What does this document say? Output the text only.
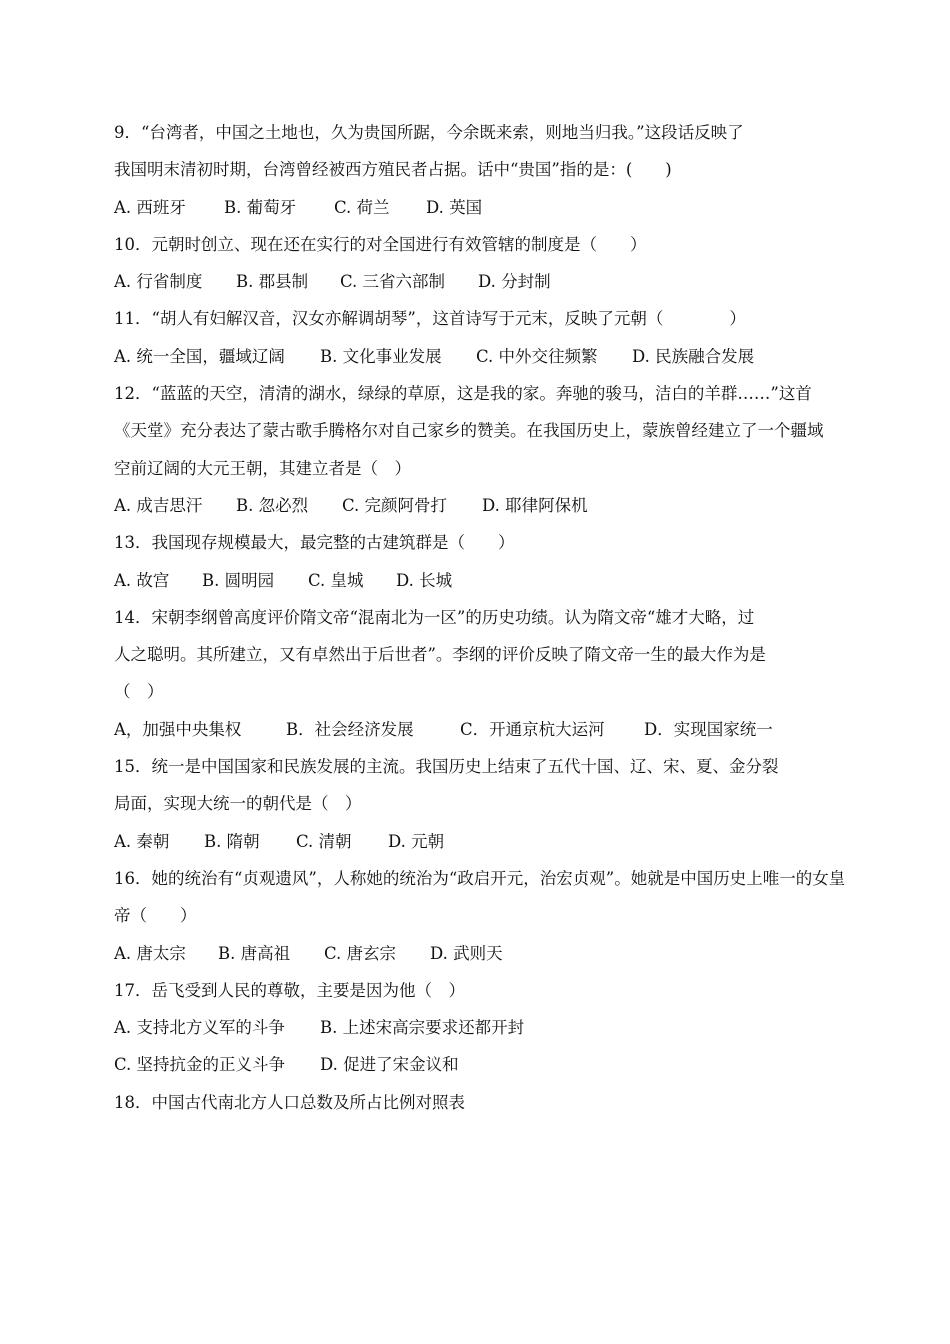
9．“台湾者，中国之土地也，久为贵国所踞，今余既来索，则地当归我。”这段话反映了
我国明末清初时期，台湾曾经被西方殖民者占据。话中“贵国”指的是：(　　)
A. 西班牙 B. 葡萄牙 C. 荷兰 D. 英国
10．元朝时创立、现在还在实行的对全国进行有效管辖的制度是（　　）
A. 行省制度 B. 郡县制 C. 三省六部制 D. 分封制
11．“胡人有妇解汉音，汉女亦解调胡琴”，这首诗写于元末，反映了元朝（　　　　）
A. 统一全国，疆域辽阔 B. 文化事业发展 C. 中外交往频繁 D. 民族融合发展
12．“蓝蓝的天空，清清的湖水，绿绿的草原，这是我的家。奔驰的骏马，洁白的羊群……”这首
《天堂》充分表达了蒙古歌手腾格尔对自己家乡的赞美。在我国历史上，蒙族曾经建立了一个疆域
空前辽阔的大元王朝，其建立者是（　）
A. 成吉思汗 B. 忽必烈 C. 完颜阿骨打 D. 耶律阿保机
13．我国现存规模最大，最完整的古建筑群是（　　）
A. 故宫 B. 圆明园 C. 皇城 D. 长城
14．宋朝李纲曾高度评价隋文帝“混南北为一区”的历史功绩。认为隋文帝“雄才大略，过
人之聪明。其所建立，又有卓然出于后世者”。李纲的评价反映了隋文帝一生的最大作为是
（　）
A，加强中央集权	B．社会经济发展	C．开通京杭大运河 D．实现国家统一
15．统一是中国国家和民族发展的主流。我国历史上结束了五代十国、辽、宋、夏、金分裂
局面，实现大统一的朝代是（　）
A. 秦朝 B. 隋朝 C. 清朝 D. 元朝
16．她的统治有“贞观遗风”，人称她的统治为“政启开元，治宏贞观”。她就是中国历史上唯一的女皇
帝（　　）
A. 唐太宗 B. 唐高祖 C. 唐玄宗 D. 武则天
17．岳飞受到人民的尊敬，主要是因为他（　）
A. 支持北方义军的斗争 B. 上述宋高宗要求还都开封
C. 坚持抗金的正义斗争 D. 促进了宋金议和
18．中国古代南北方人口总数及所占比例对照表
